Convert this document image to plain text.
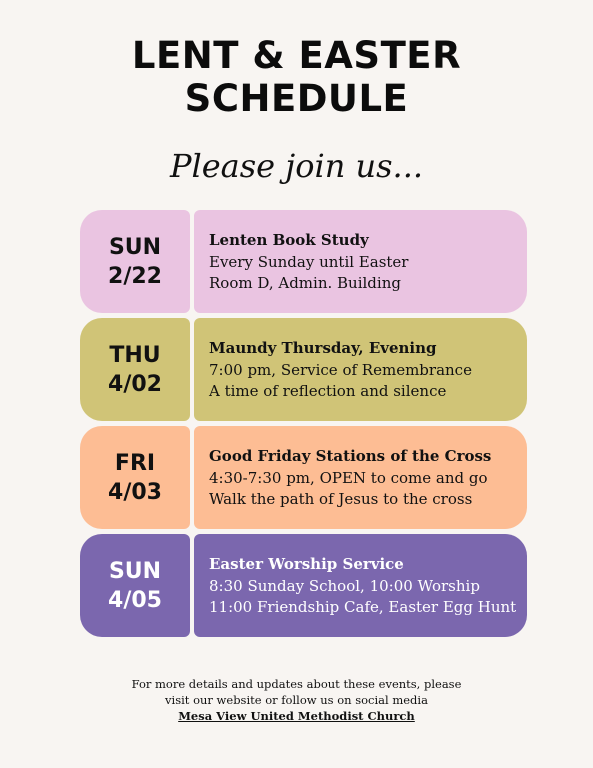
LENT & EASTER
SCHEDULE
Please join us...
SUN
2/22
Lenten Book Study
Every Sunday until Easter
Room D, Admin. Building
THU
4/02
Maundy Thursday, Evening
7:00 pm, Service of Remembrance
A time of reflection and silence
FRI
4/03
Good Friday Stations of the Cross
4:30-7:30 pm, OPEN to come and go
Walk the path of Jesus to the cross
SUN
4/05
Easter Worship Service
8:30 Sunday School, 10:00 Worship
11:00 Friendship Cafe, Easter Egg Hunt
For more details and updates about these events, please
visit our website or follow us on social media
Mesa View United Methodist Church
